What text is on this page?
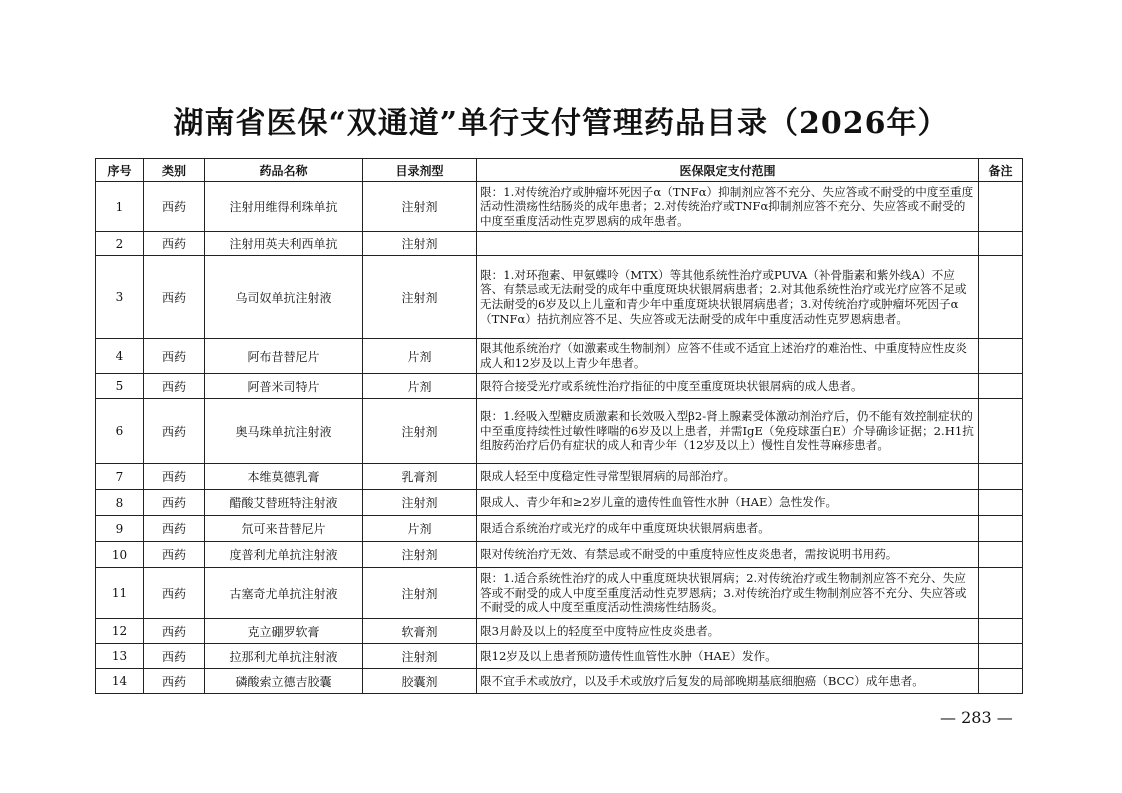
湖南省医保“双通道”单行支付管理药品目录（2026年）
序号	类别	药品名称	目录剂型	医保限定支付范围	备注
1	西药	注射用维得利珠单抗	注射剂	限：1.对传统治疗或肿瘤坏死因子α（TNFα）抑制剂应答不充分、失应答或不耐受的中度至重度活动性溃疡性结肠炎的成年患者；2.对传统治疗或TNFα抑制剂应答不充分、失应答或不耐受的中度至重度活动性克罗恩病的成年患者。	
2	西药	注射用英夫利西单抗	注射剂		
3	西药	乌司奴单抗注射液	注射剂	限：1.对环孢素、甲氨蝶呤（MTX）等其他系统性治疗或PUVA（补骨脂素和紫外线A）不应答、有禁忌或无法耐受的成年中重度斑块状银屑病患者；2.对其他系统性治疗或光疗应答不足或无法耐受的6岁及以上儿童和青少年中重度斑块状银屑病患者；3.对传统治疗或肿瘤坏死因子α（TNFα）拮抗剂应答不足、失应答或无法耐受的成年中重度活动性克罗恩病患者。	
4	西药	阿布昔替尼片	片剂	限其他系统治疗（如激素或生物制剂）应答不佳或不适宜上述治疗的难治性、中重度特应性皮炎成人和12岁及以上青少年患者。	
5	西药	阿普米司特片	片剂	限符合接受光疗或系统性治疗指征的中度至重度斑块状银屑病的成人患者。	
6	西药	奥马珠单抗注射液	注射剂	限：1.经吸入型糖皮质激素和长效吸入型β2-肾上腺素受体激动剂治疗后，仍不能有效控制症状的中至重度持续性过敏性哮喘的6岁及以上患者，并需IgE（免疫球蛋白E）介导确诊证据；2.H1抗组胺药治疗后仍有症状的成人和青少年（12岁及以上）慢性自发性荨麻疹患者。	
7	西药	本维莫德乳膏	乳膏剂	限成人轻至中度稳定性寻常型银屑病的局部治疗。	
8	西药	醋酸艾替班特注射液	注射剂	限成人、青少年和≥2岁儿童的遗传性血管性水肿（HAE）急性发作。	
9	西药	氘可来昔替尼片	片剂	限适合系统治疗或光疗的成年中重度斑块状银屑病患者。	
10	西药	度普利尤单抗注射液	注射剂	限对传统治疗无效、有禁忌或不耐受的中重度特应性皮炎患者，需按说明书用药。	
11	西药	古塞奇尤单抗注射液	注射剂	限：1.适合系统性治疗的成人中重度斑块状银屑病；2.对传统治疗或生物制剂应答不充分、失应答或不耐受的成人中度至重度活动性克罗恩病；3.对传统治疗或生物制剂应答不充分、失应答或不耐受的成人中度至重度活动性溃疡性结肠炎。	
12	西药	克立硼罗软膏	软膏剂	限3月龄及以上的轻度至中度特应性皮炎患者。	
13	西药	拉那利尤单抗注射液	注射剂	限12岁及以上患者预防遗传性血管性水肿（HAE）发作。	
14	西药	磷酸索立德吉胶囊	胶囊剂	限不宜手术或放疗，以及手术或放疗后复发的局部晚期基底细胞癌（BCC）成年患者。	
— 283 —
